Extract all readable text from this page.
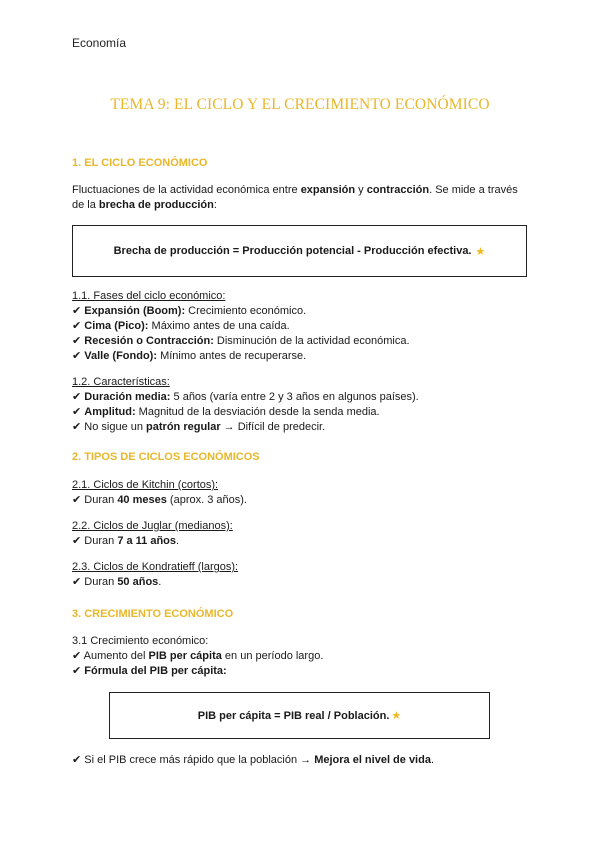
Economía
TEMA 9: EL CICLO Y EL CRECIMIENTO ECONÓMICO
1. EL CICLO ECONÓMICO
Fluctuaciones de la actividad económica entre expansión y contracción. Se mide a través
de la brecha de producción:
Brecha de producción = Producción potencial - Producción efectiva. ★
1.1. Fases del ciclo económico:
✔ Expansión (Boom): Crecimiento económico.
✔ Cima (Pico): Máximo antes de una caída.
✔ Recesión o Contracción: Disminución de la actividad económica.
✔ Valle (Fondo): Mínimo antes de recuperarse.
1.2. Características:
✔ Duración media: 5 años (varía entre 2 y 3 años en algunos países).
✔ Amplitud: Magnitud de la desviación desde la senda media.
✔ No sigue un patrón regular → Difícil de predecir.
2. TIPOS DE CICLOS ECONÓMICOS
2.1. Ciclos de Kitchin (cortos):
✔ Duran 40 meses (aprox. 3 años).
2.2. Ciclos de Juglar (medianos):
✔ Duran 7 a 11 años.
2.3. Ciclos de Kondratieff (largos):
✔ Duran 50 años.
3. CRECIMIENTO ECONÓMICO
3.1 Crecimiento económico:
✔ Aumento del PIB per cápita en un período largo.
✔ Fórmula del PIB per cápita:
PIB per cápita = PIB real / Población. ★
✔ Si el PIB crece más rápido que la población → Mejora el nivel de vida.
